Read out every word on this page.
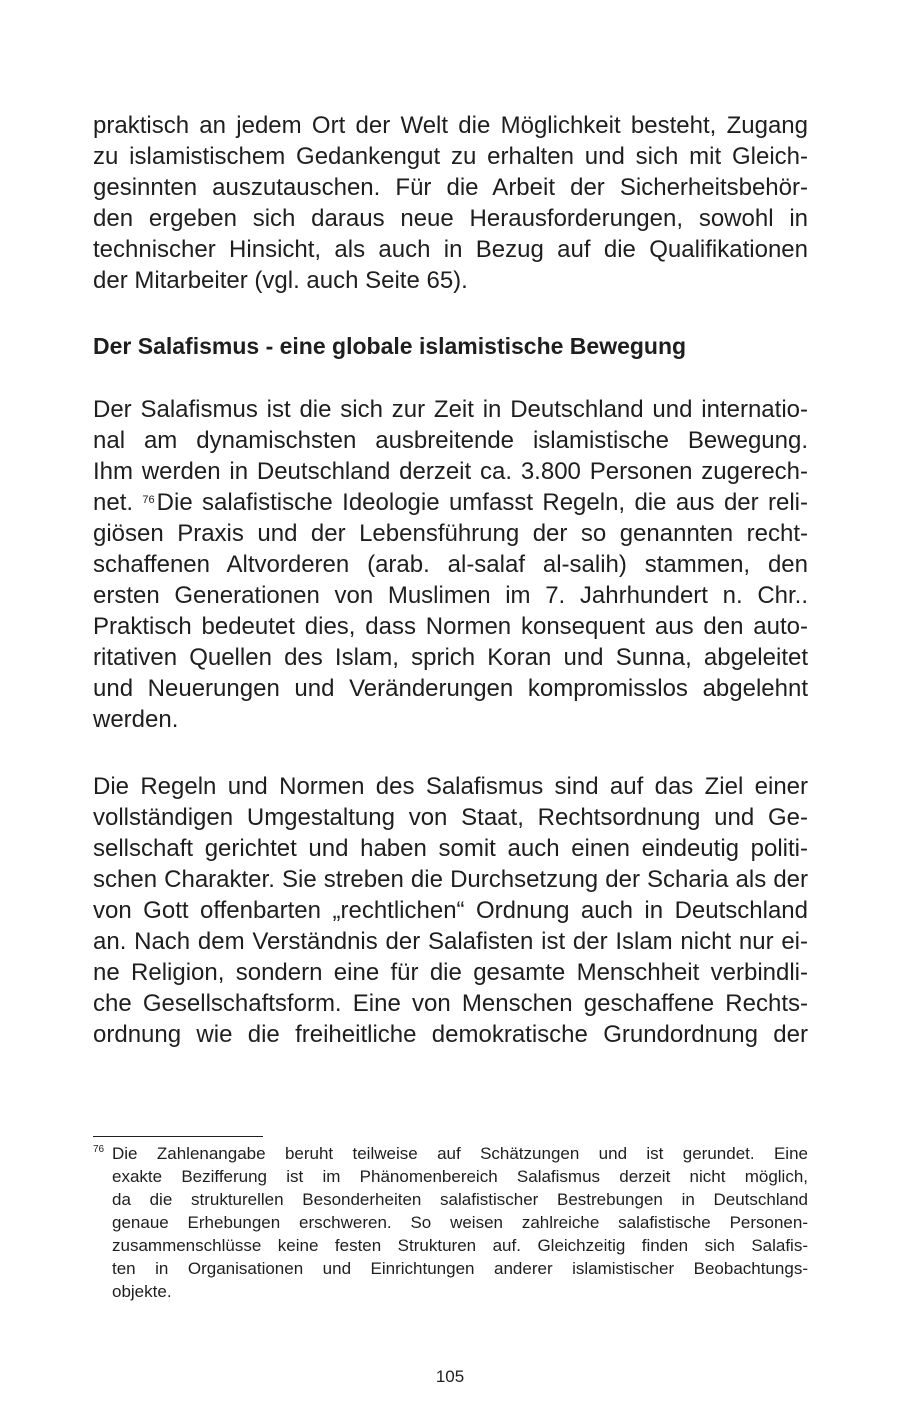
praktisch an jedem Ort der Welt die Möglichkeit besteht, Zugang
zu islamistischem Gedankengut zu erhalten und sich mit Gleich-
gesinnten auszutauschen. Für die Arbeit der Sicherheitsbehör-
den ergeben sich daraus neue Herausforderungen, sowohl in
technischer Hinsicht, als auch in Bezug auf die Qualifikationen
der Mitarbeiter (vgl. auch Seite 65).
Der Salafismus - eine globale islamistische Bewegung
Der Salafismus ist die sich zur Zeit in Deutschland und internatio-
nal am dynamischsten ausbreitende islamistische Bewegung.
Ihm werden in Deutschland derzeit ca. 3.800 Personen zugerech-
net. $^{76}$Die salafistische Ideologie umfasst Regeln, die aus der reli-
giösen Praxis und der Lebensführung der so genannten recht-
schaffenen Altvorderen (arab. al-salaf al-salih) stammen, den
ersten Generationen von Muslimen im 7. Jahrhundert n. Chr..
Praktisch bedeutet dies, dass Normen konsequent aus den auto-
ritativen Quellen des Islam, sprich Koran und Sunna, abgeleitet
und Neuerungen und Veränderungen kompromisslos abgelehnt
werden.
Die Regeln und Normen des Salafismus sind auf das Ziel einer
vollständigen Umgestaltung von Staat, Rechtsordnung und Ge-
sellschaft gerichtet und haben somit auch einen eindeutig politi-
schen Charakter. Sie streben die Durchsetzung der Scharia als der
von Gott offenbarten „rechtlichen“ Ordnung auch in Deutschland
an. Nach dem Verständnis der Salafisten ist der Islam nicht nur ei-
ne Religion, sondern eine für die gesamte Menschheit verbindli-
che Gesellschaftsform. Eine von Menschen geschaffene Rechts-
ordnung wie die freiheitliche demokratische Grundordnung der
76 Die Zahlenangabe beruht teilweise auf Schätzungen und ist gerundet. Eine
exakte Bezifferung ist im Phänomenbereich Salafismus derzeit nicht möglich,
da die strukturellen Besonderheiten salafistischer Bestrebungen in Deutschland
genaue Erhebungen erschweren. So weisen zahlreiche salafistische Personen-
zusammenschlüsse keine festen Strukturen auf. Gleichzeitig finden sich Salafis-
ten in Organisationen und Einrichtungen anderer islamistischer Beobachtungs-
objekte.
105
